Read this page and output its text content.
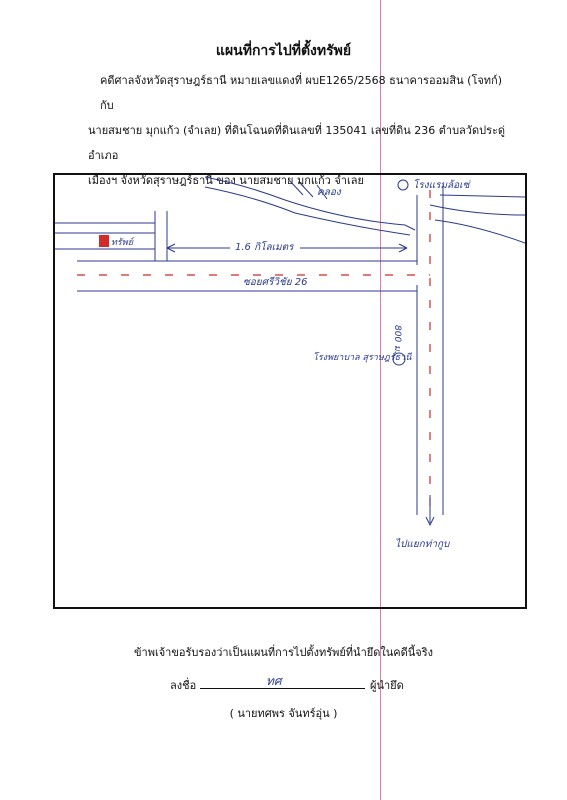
แผนที่การไปที่ตั้งทรัพย์
คดีศาลจังหวัดสุราษฎร์ธานี หมายเลขแดงที่ ผบE1265/2568 ธนาคารออมสิน (โจทก์) กับ
นายสมชาย มุกแก้ว (จำเลย) ที่ดินโฉนดที่ดินเลขที่ 135041 เลขที่ดิน 236 ตำบลวัดประดู่ อำเภอ
เมืองฯ จังหวัดสุราษฎร์ธานี ของ นายสมชาย มุกแก้ว จำเลย
คลอง
โรงแรมล้อเซ่
ทรัพย์	1.6 กิโลเมตร
ซอยศรีวิชัย 26
800 ม.
โรงพยาบาล สุราษฎร์ธานี
ไปแยกท่ากูบ
ข้าพเจ้าขอรับรองว่าเป็นแผนที่การไปตั้งทรัพย์ที่นำยึดในคดีนี้จริง
ลงชื่อ	ทศ	ผู้นำยึด
( นายทศพร จันทร์อุ่น )
